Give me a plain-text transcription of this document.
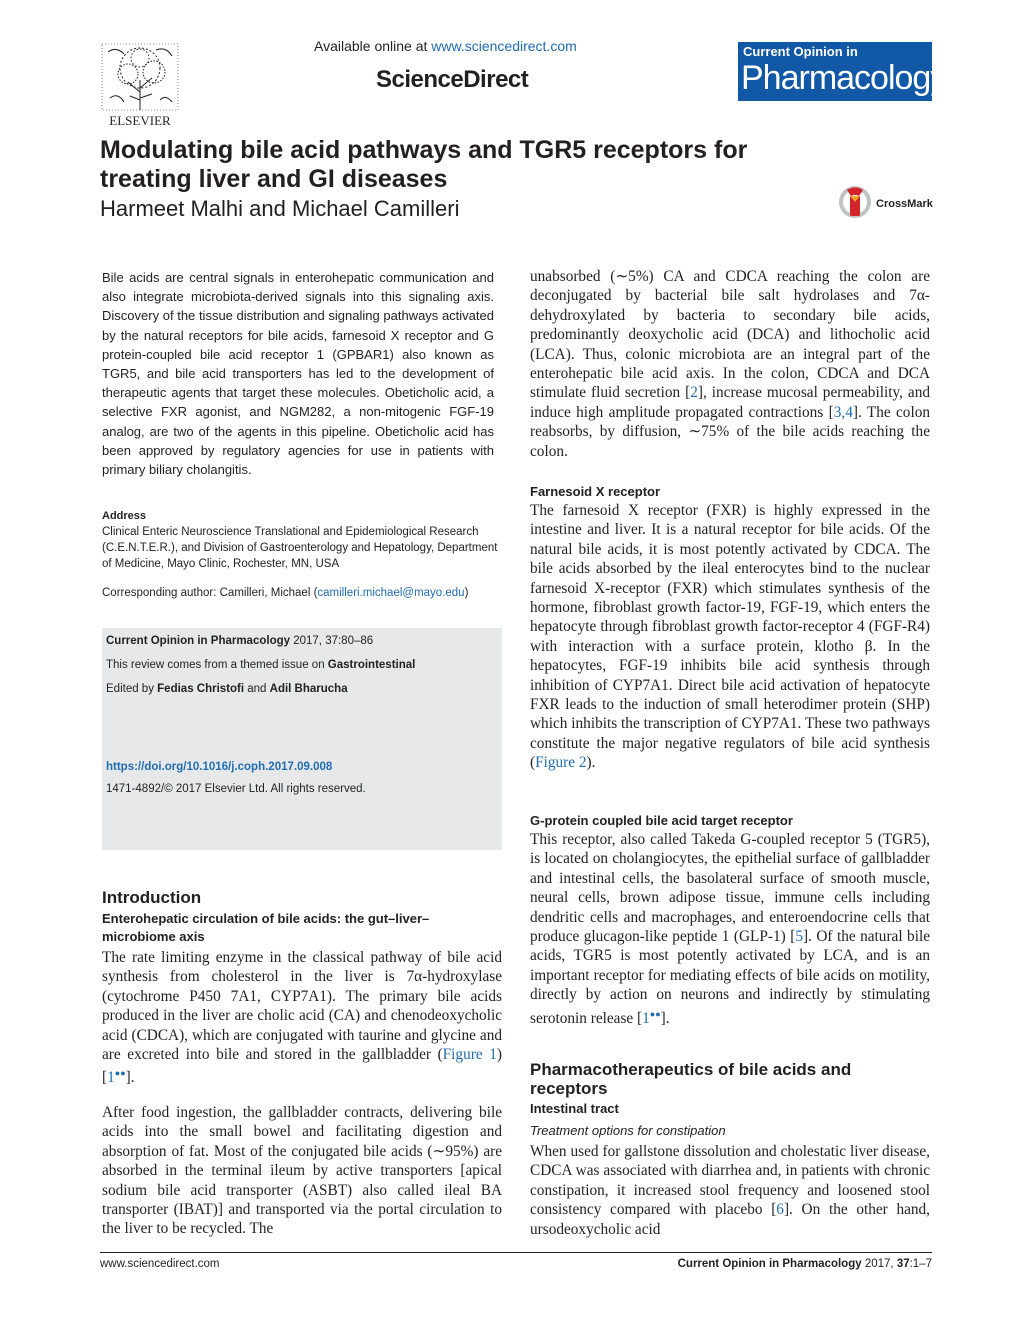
ELSEVIER
Available online at www.sciencedirect.com
ScienceDirect
Current Opinion in
Pharmacology
Modulating bile acid pathways and TGR5 receptors for treating liver and GI diseases
Harmeet Malhi and Michael Camilleri	CrossMark
Bile acids are central signals in enterohepatic communication and also integrate microbiota-derived signals into this signaling axis. Discovery of the tissue distribution and signaling pathways activated by the natural receptors for bile acids, farnesoid X receptor and G protein-coupled bile acid receptor 1 (GPBAR1) also known as TGR5, and bile acid transporters has led to the development of therapeutic agents that target these molecules. Obeticholic acid, a selective FXR agonist, and NGM282, a non-mitogenic FGF-19 analog, are two of the agents in this pipeline. Obeticholic acid has been approved by regulatory agencies for use in patients with primary biliary cholangitis.
Address
Clinical Enteric Neuroscience Translational and Epidemiological Research (C.E.N.T.E.R.), and Division of Gastroenterology and Hepatology, Department of Medicine, Mayo Clinic, Rochester, MN, USA
Corresponding author: Camilleri, Michael (camilleri.michael@mayo.edu)
Current Opinion in Pharmacology 2017, 37:80–86
This review comes from a themed issue on Gastrointestinal
Edited by Fedias Christofi and Adil Bharucha
https://doi.org/10.1016/j.coph.2017.09.008
1471-4892/© 2017 Elsevier Ltd. All rights reserved.
Introduction
Enterohepatic circulation of bile acids: the gut–liver–microbiome axis
The rate limiting enzyme in the classical pathway of bile acid synthesis from cholesterol in the liver is 7α-hydroxylase (cytochrome P450 7A1, CYP7A1). The primary bile acids produced in the liver are cholic acid (CA) and chenodeoxycholic acid (CDCA), which are conjugated with taurine and glycine and are excreted into bile and stored in the gallbladder (Figure 1) [1●●].
After food ingestion, the gallbladder contracts, delivering bile acids into the small bowel and facilitating digestion and absorption of fat. Most of the conjugated bile acids (∼95%) are absorbed in the terminal ileum by active transporters [apical sodium bile acid transporter (ASBT) also called ileal BA transporter (IBAT)] and transported via the portal circulation to the liver to be recycled. The
unabsorbed (∼5%) CA and CDCA reaching the colon are deconjugated by bacterial bile salt hydrolases and 7α-dehydroxylated by bacteria to secondary bile acids, predominantly deoxycholic acid (DCA) and lithocholic acid (LCA). Thus, colonic microbiota are an integral part of the enterohepatic bile acid axis. In the colon, CDCA and DCA stimulate fluid secretion [2], increase mucosal permeability, and induce high amplitude propagated contractions [3,4]. The colon reabsorbs, by diffusion, ∼75% of the bile acids reaching the colon.
Farnesoid X receptor
The farnesoid X receptor (FXR) is highly expressed in the intestine and liver. It is a natural receptor for bile acids. Of the natural bile acids, it is most potently activated by CDCA. The bile acids absorbed by the ileal enterocytes bind to the nuclear farnesoid X-receptor (FXR) which stimulates synthesis of the hormone, fibroblast growth factor-19, FGF-19, which enters the hepatocyte through fibroblast growth factor-receptor 4 (FGF-R4) with interaction with a surface protein, klotho β. In the hepatocytes, FGF-19 inhibits bile acid synthesis through inhibition of CYP7A1. Direct bile acid activation of hepatocyte FXR leads to the induction of small heterodimer protein (SHP) which inhibits the transcription of CYP7A1. These two pathways constitute the major negative regulators of bile acid synthesis (Figure 2).
G-protein coupled bile acid target receptor
This receptor, also called Takeda G-coupled receptor 5 (TGR5), is located on cholangiocytes, the epithelial surface of gallbladder and intestinal cells, the basolateral surface of smooth muscle, neural cells, brown adipose tissue, immune cells including dendritic cells and macrophages, and enteroendocrine cells that produce glucagon-like peptide 1 (GLP-1) [5]. Of the natural bile acids, TGR5 is most potently activated by LCA, and is an important receptor for mediating effects of bile acids on motility, directly by action on neurons and indirectly by stimulating serotonin release [1●●].
Pharmacotherapeutics of bile acids and receptors
Intestinal tract
Treatment options for constipation
When used for gallstone dissolution and cholestatic liver disease, CDCA was associated with diarrhea and, in patients with chronic constipation, it increased stool frequency and loosened stool consistency compared with placebo [6]. On the other hand, ursodeoxycholic acid
www.sciencedirect.com	Current Opinion in Pharmacology 2017, 37:1–7
